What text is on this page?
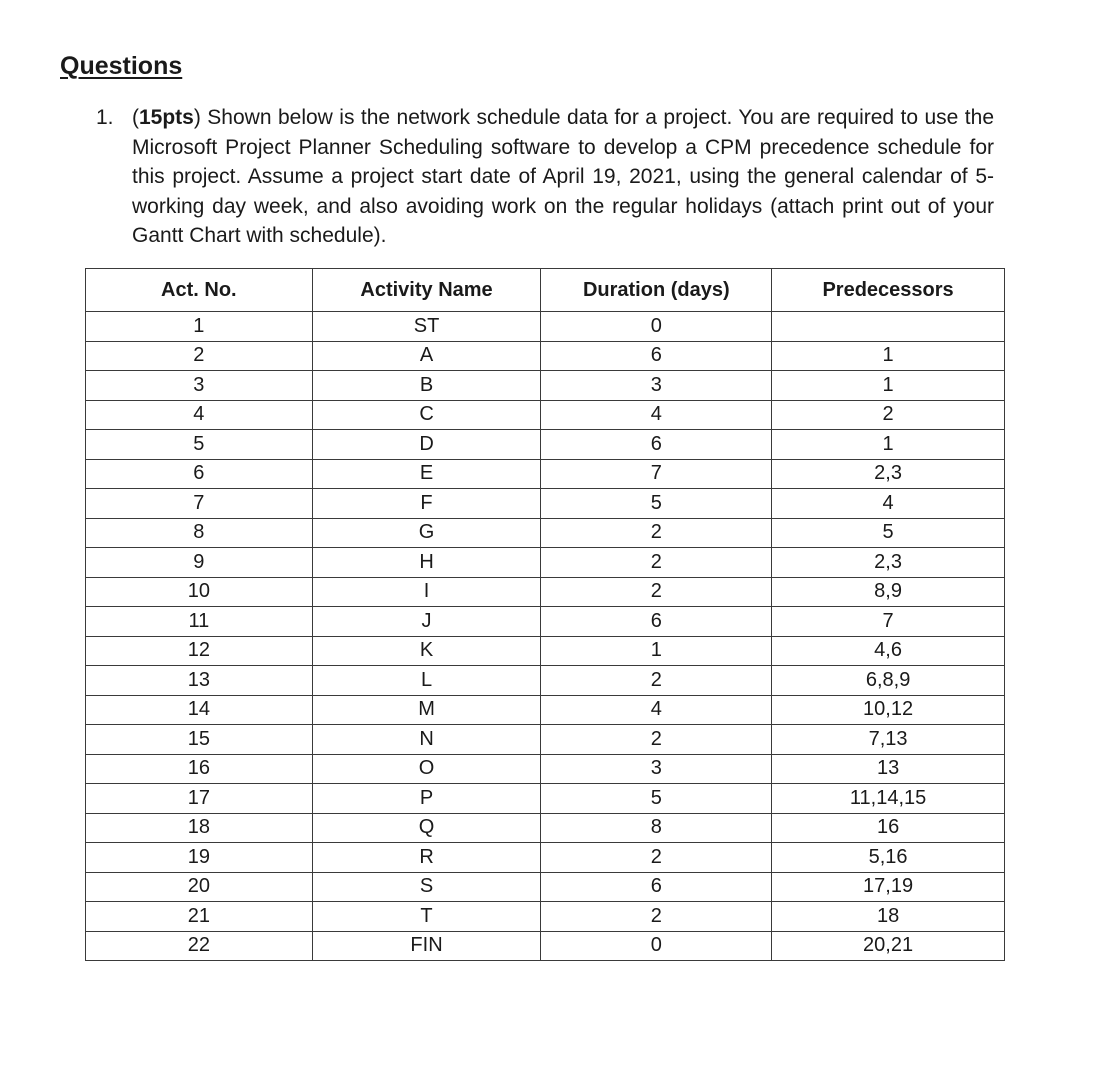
Questions
1. (15pts) Shown below is the network schedule data for a project. You are required to use the Microsoft Project Planner Scheduling software to develop a CPM precedence schedule for this project. Assume a project start date of April 19, 2021, using the general calendar of 5-working day week, and also avoiding work on the regular holidays (attach print out of your Gantt Chart with schedule).
Act. No.	Activity Name	Duration (days)	Predecessors
1	ST	0	
2	A	6	1
3	B	3	1
4	C	4	2
5	D	6	1
6	E	7	2,3
7	F	5	4
8	G	2	5
9	H	2	2,3
10	I	2	8,9
11	J	6	7
12	K	1	4,6
13	L	2	6,8,9
14	M	4	10,12
15	N	2	7,13
16	O	3	13
17	P	5	11,14,15
18	Q	8	16
19	R	2	5,16
20	S	6	17,19
21	T	2	18
22	FIN	0	20,21
